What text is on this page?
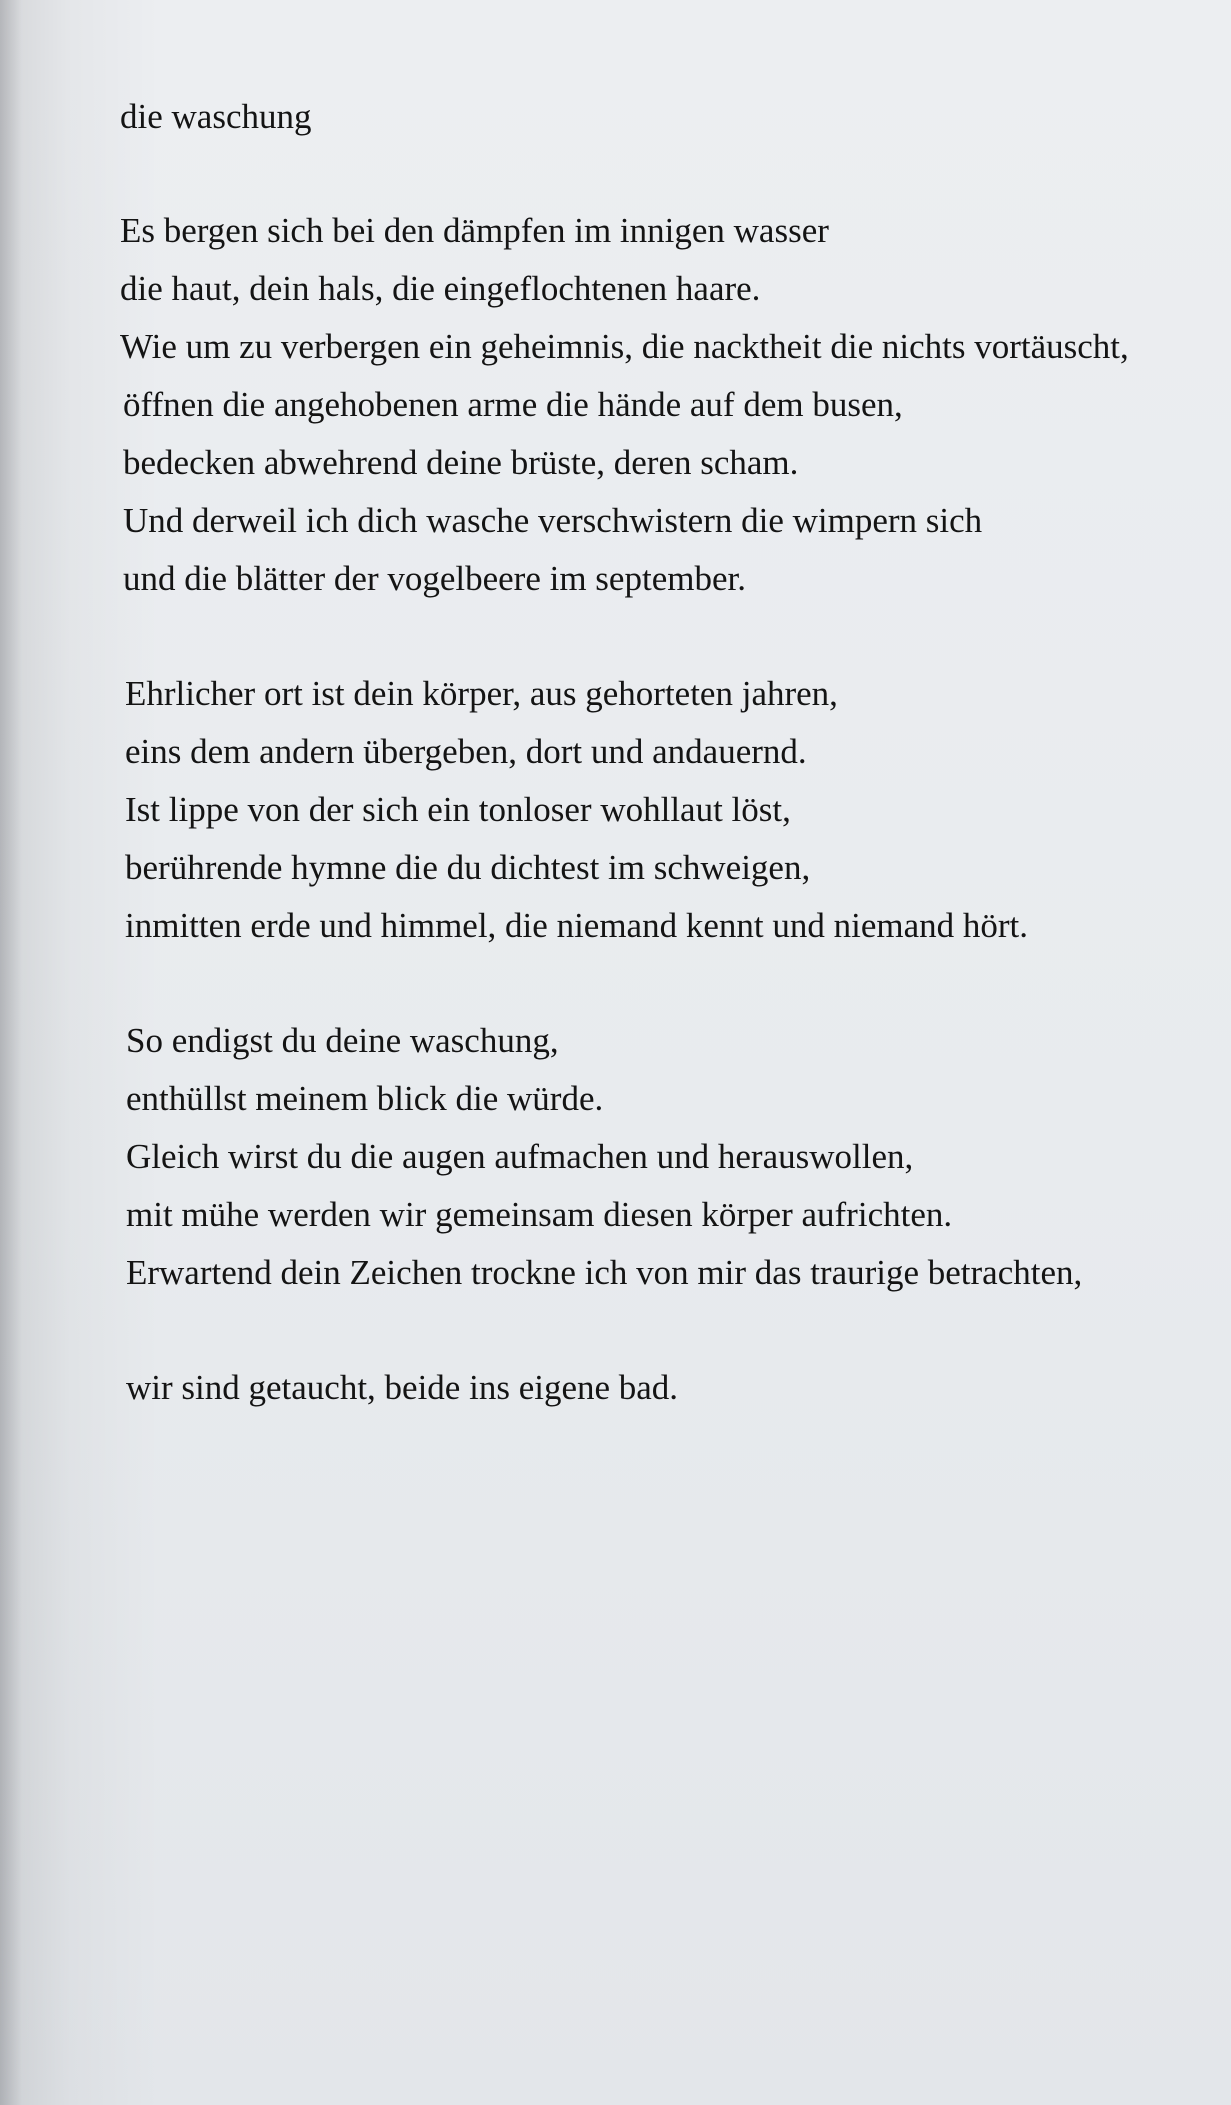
die waschung
Es bergen sich bei den dämpfen im innigen wasser
die haut, dein hals, die eingeflochtenen haare.
Wie um zu verbergen ein geheimnis, die nacktheit die nichts vortäuscht,
öffnen die angehobenen arme die hände auf dem busen,
bedecken abwehrend deine brüste, deren scham.
Und derweil ich dich wasche verschwistern die wimpern sich
und die blätter der vogelbeere im september.
Ehrlicher ort ist dein körper, aus gehorteten jahren,
eins dem andern übergeben, dort und andauernd.
Ist lippe von der sich ein tonloser wohllaut löst,
berührende hymne die du dichtest im schweigen,
inmitten erde und himmel, die niemand kennt und niemand hört.
So endigst du deine waschung,
enthüllst meinem blick die würde.
Gleich wirst du die augen aufmachen und herauswollen,
mit mühe werden wir gemeinsam diesen körper aufrichten.
Erwartend dein Zeichen trockne ich von mir das traurige betrachten,
wir sind getaucht, beide ins eigene bad.
